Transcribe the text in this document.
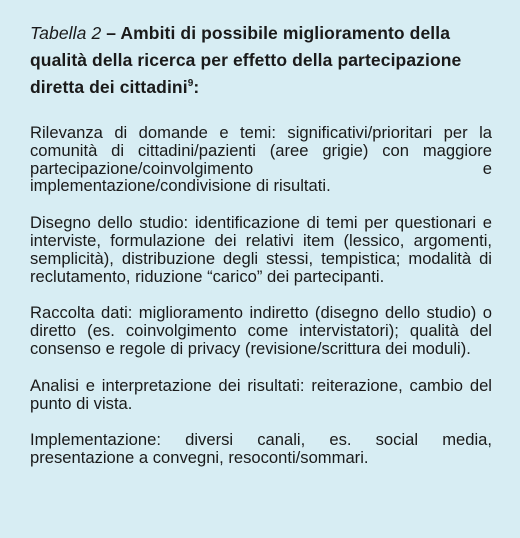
Tabella 2 – Ambiti di possibile miglioramento della qualità della ricerca per effetto della partecipazione diretta dei cittadini$^9$:

Rilevanza di domande e temi: significativi/prioritari per la comunità di cittadini/pazienti (aree grigie) con maggiore partecipazione/coinvolgimento e implementazione/condivisione di risultati.

Disegno dello studio: identificazione di temi per questionari e interviste, formulazione dei relativi item (lessico, argomenti, semplicità), distribuzione degli stessi, tempistica; modalità di reclutamento, riduzione “carico” dei partecipanti.

Raccolta dati: miglioramento indiretto (disegno dello studio) o diretto (es. coinvolgimento come intervistatori); qualità del consenso e regole di privacy (revisione/scrittura dei moduli).

Analisi e interpretazione dei risultati: reiterazione, cambio del punto di vista.

Implementazione: diversi canali, es. social media, presentazione a convegni, resoconti/sommari.
